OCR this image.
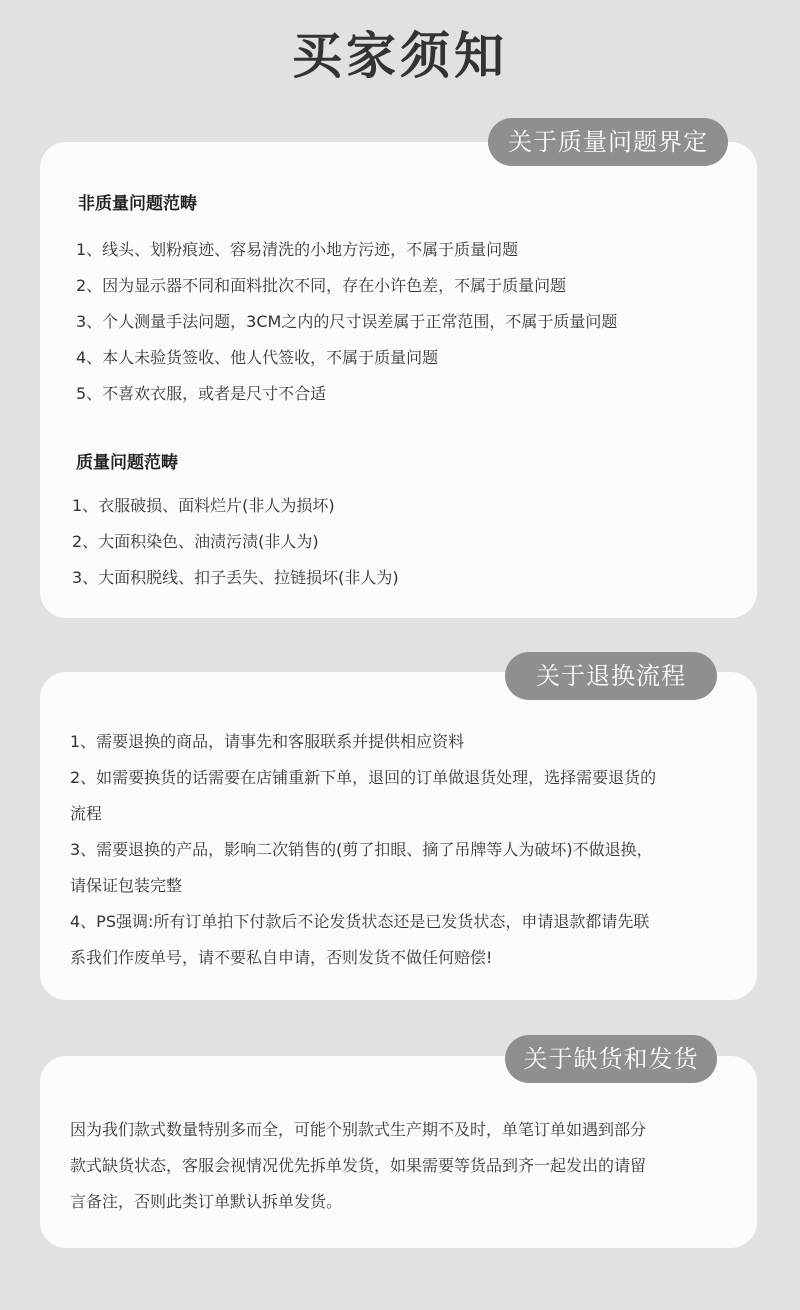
买家须知
非质量问题范畴
1、线头、划粉痕迹、容易清洗的小地方污迹，不属于质量问题
2、因为显示器不同和面料批次不同，存在小许色差，不属于质量问题
3、个人测量手法问题，3CM之内的尺寸误差属于正常范围，不属于质量问题
4、本人未验货签收、他人代签收，不属于质量问题
5、不喜欢衣服，或者是尺寸不合适
质量问题范畴
1、衣服破损、面料烂片(非人为损坏)
2、大面积染色、油渍污渍(非人为)
3、大面积脱线、扣子丢失、拉链损坏(非人为)
关于质量问题界定
1、需要退换的商品，请事先和客服联系并提供相应资料
2、如需要换货的话需要在店铺重新下单，退回的订单做退货处理，选择需要退货的
流程
3、需要退换的产品，影响二次销售的(剪了扣眼、摘了吊牌等人为破坏)不做退换，
请保证包装完整
4、PS强调:所有订单拍下付款后不论发货状态还是已发货状态，申请退款都请先联
系我们作废单号，请不要私自申请，否则发货不做任何赔偿!
关于退换流程
因为我们款式数量特别多而全，可能个别款式生产期不及时，单笔订单如遇到部分
款式缺货状态，客服会视情况优先拆单发货，如果需要等货品到齐一起发出的请留
言备注，否则此类订单默认拆单发货。
关于缺货和发货
